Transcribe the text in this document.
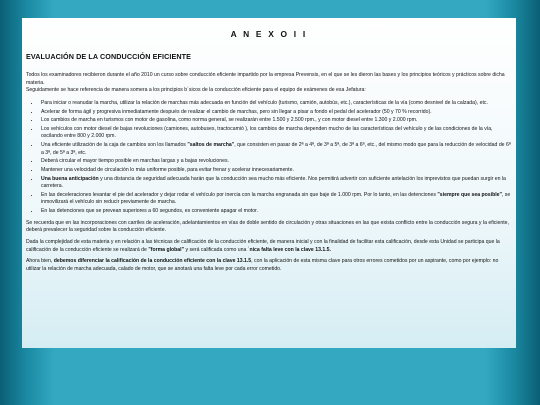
A N E X O I I
EVALUACIÓN DE LA CONDUCCIÓN EFICIENTE

Todos los examinadores recibieron durante el año 2010 un curso sobre conducción eficiente impartido por la empresa Prevensis, en el que se les dieron las bases y los principios teóricos y prácticos sobre dicha materia.
Seguidamente se hace referencia de manera somera a los principios b´sicos de la conducción eficiente para el equipo de exámenes de esa Jefatura:

• Para iniciar o reanudar la marcha, utilizar la relación de marchas más adecuada en función del vehículo (turismo, camión, autobús, etc.), características de la vía (como desnivel de la calzada), etc.
• Acelerar de forma ágil y progresiva inmediatamente después de realizar el cambio de marchas, pero sin llegar a pisar a fondo el pedal del acelerador (50 y 70 % recorrido).
• Los cambios de marcha en turismos con motor de gasolina, como norma general, se realizarán entre 1.500 y 2.500 rpm., y con motor diesel entre 1.300 y 2.000 rpm.
• Los vehículos con motor diesel de bajas revoluciones (camiones, autobuses, tractocamió ), los cambios de marcha dependen mucho de las características del vehículo y de las condiciones de la vía, oscilando entre 800 y 2.000 rpm.
• Una eficiente utilización de la caja de cambios son los llamados "saltos de marcha", que consisten en pasar de 2ª a 4ª, de 3ª a 5ª, de 3ª a 6ª, etc., del mismo modo que para la reducción de velocidad de 6ª a 3ª, de 5ª a 3ª, etc.
• Deberá circular el mayor tiempo posible en marchas largas y a bajas revoluciones.
• Mantener una velocidad de circulación lo más uniforme posible, para evitar frenar y acelerar innecesariamente.
• Una buena anticipación y una distancia de seguridad adecuada harán que la conducción sea mucho más eficiente. Nos permitirá advertir con suficiente antelación los imprevistos que puedan surgir en la carretera.
• En las deceleraciones levantar el pie del acelerador y dejar rodar el vehículo por inercia con la marcha engranada sin que baje de 1.000 rpm. Por lo tanto, en las detenciones "siempre que sea posible", se inmovilizará el vehículo sin reducir previamente de marcha.
• En las detenciones que se prevean superiores a 60 segundos, es conveniente apagar el motor.

Se recuerda que en las incorporaciones con carriles de aceleración, adelantamientos en vías de doble sentido de circulación y otras situaciones en las que exista conflicto entre la conducción segura y la eficiente, deberá prevalecer la seguridad sobre la conducción eficiente.

Dada la complejidad de esta materia y en relación a las técnicas de calificación de la conducción eficiente, de manera inicial y con la finalidad de facilitar esta calificación, desde esta Unidad se participa que la calificación de la conducción eficiente se realizará de "forma global" y será calificada como una ´nica falta leve con la clave 13.1.5.

Ahora bien, debemos diferenciar la calificación de la conducción eficiente con la clave 13.1.5, con la aplicación de esta misma clave para otros errores cometidos por un aspirante, como por ejemplo: no utilizar la relación de marcha adecuada, calado de motor, que se anotará una falta leve por cada error cometido.
